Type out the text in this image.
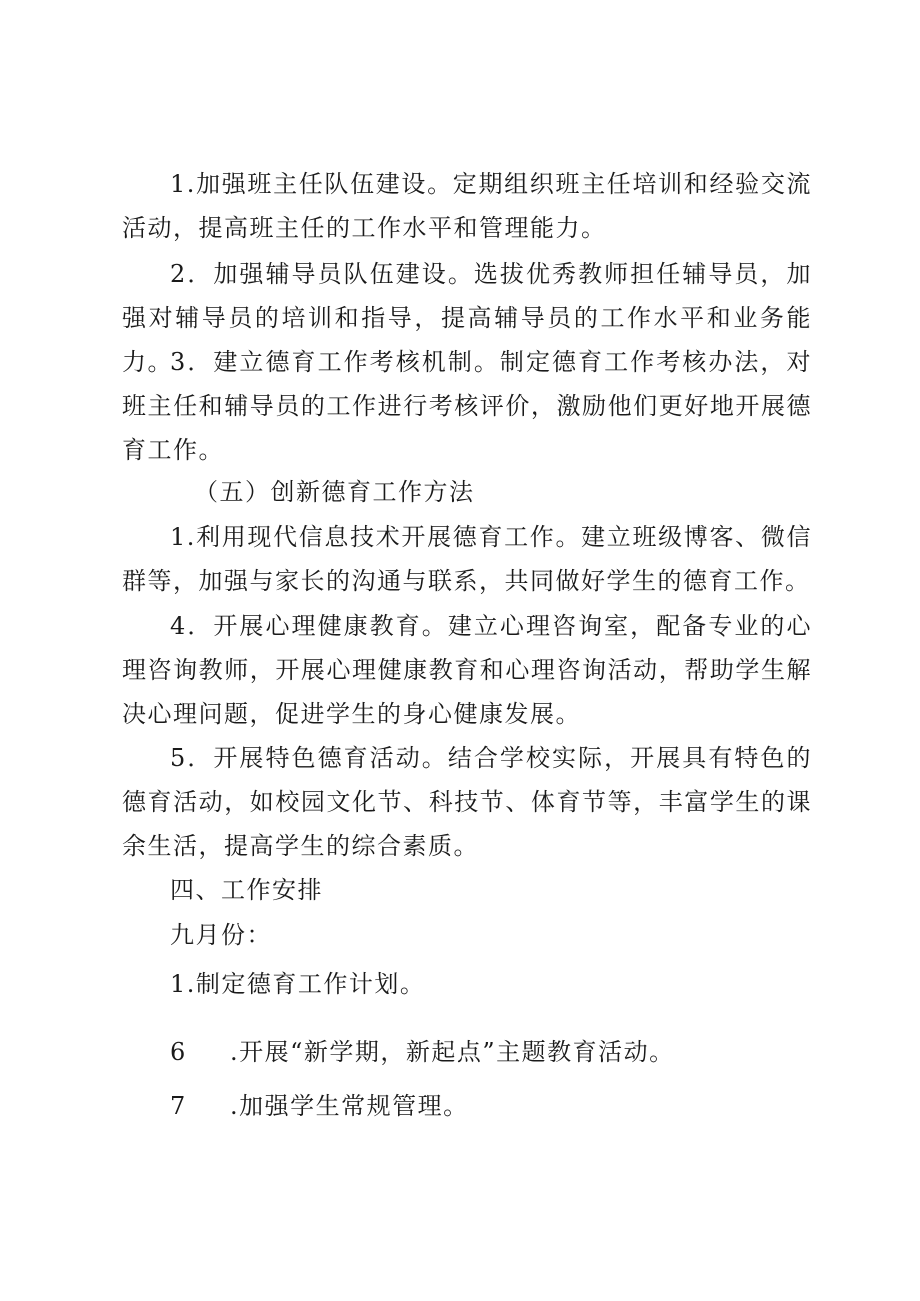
1.加强班主任队伍建设。定期组织班主任培训和经验交流活动，提高班主任的工作水平和管理能力。

2．加强辅导员队伍建设。选拔优秀教师担任辅导员，加强对辅导员的培训和指导，提高辅导员的工作水平和业务能力。

3．建立德育工作考核机制。制定德育工作考核办法，对班主任和辅导员的工作进行考核评价，激励他们更好地开展德育工作。

（五）创新德育工作方法

1.利用现代信息技术开展德育工作。建立班级博客、微信群等，加强与家长的沟通与联系，共同做好学生的德育工作。

4．开展心理健康教育。建立心理咨询室，配备专业的心理咨询教师，开展心理健康教育和心理咨询活动，帮助学生解决心理问题，促进学生的身心健康发展。

5．开展特色德育活动。结合学校实际，开展具有特色的德育活动，如校园文化节、科技节、体育节等，丰富学生的课余生活，提高学生的综合素质。

四、工作安排

九月份：

1.制定德育工作计划。

6 .开展“新学期，新起点”主题教育活动。

7 .加强学生常规管理。
